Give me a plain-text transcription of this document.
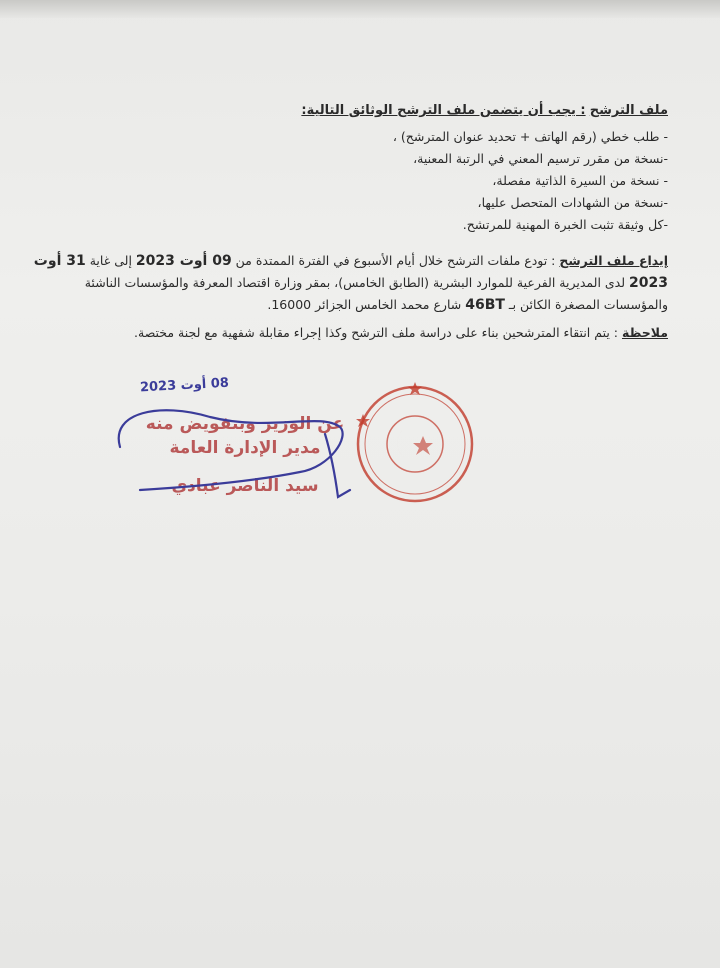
ملف الترشح : يجب أن يتضمن ملف الترشح الوثائق التالية:
- طلب خطي (رقم الهاتف + تحديد عنوان المترشح) ،
-نسخة من مقرر ترسيم المعني في الرتبة المعنية،
- نسخة من السيرة الذاتية مفصلة،
-نسخة من الشهادات المتحصل عليها،
-كل وثيقة تثبت الخبرة المهنية للمرتشح.
إيداع ملف الترشح : تودع ملفات الترشح خلال أيام الأسبوع في الفترة الممتدة من 09 أوت 2023 إلى غاية 31 أوت
2023 لدى المديرية الفرعية للموارد البشرية (الطابق الخامس)، بمقر وزارة اقتصاد المعرفة والمؤسسات الناشئة
والمؤسسات المصغرة الكائن بـ 46BT شارع محمد الخامس الجزائر 16000.
ملاحظة : يتم انتقاء المترشحين بناء على دراسة ملف الترشح وكذا إجراء مقابلة شفهية مع لجنة مختصة.
08 أوت 2023
عن الوزير وبتفويض منه
مدير الإدارة العامة
سيد الناصر عبادي
